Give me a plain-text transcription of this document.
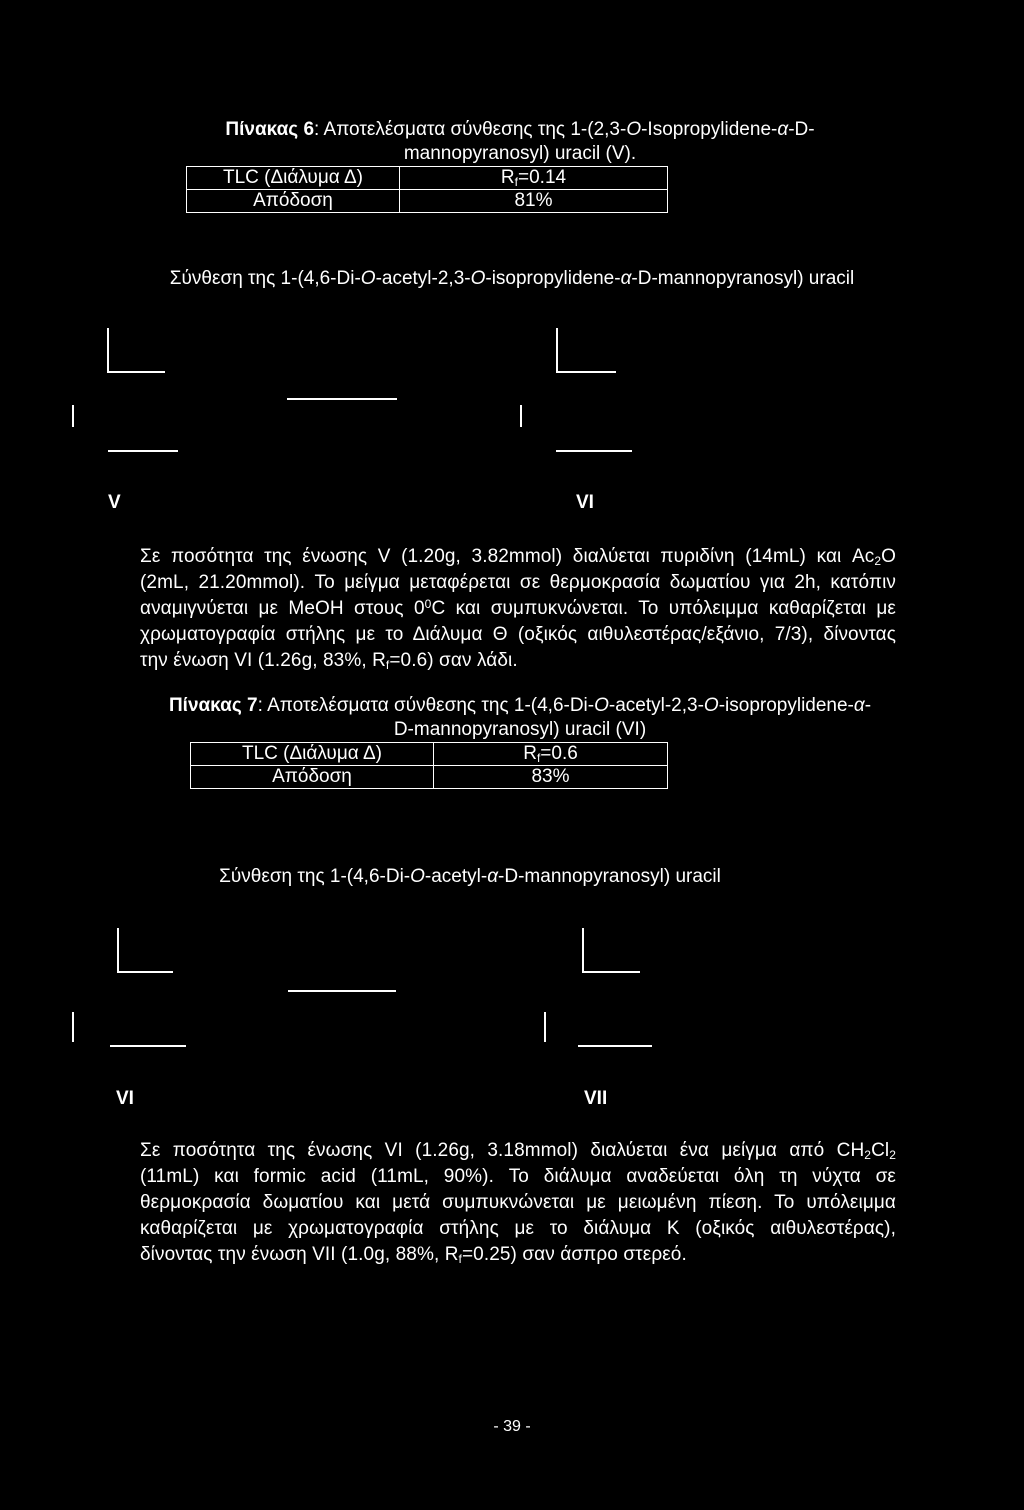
Πίνακας 6: Αποτελέσματα σύνθεσης της 1-(2,3-O-Isopropylidene-α-D-
mannopyranosyl) uracil (V).
TLC (Διάλυμα Δ)	$R_f=0.14$
Απόδοση	81%
Σύνθεση της 1-(4,6-Di-O-acetyl-2,3-O-isopropylidene-α-D-mannopyranosyl) uracil
V	VI
Σε ποσότητα της ένωσης V (1.20g, 3.82mmol) διαλύεται πυριδίνη (14mL) και $Ac_2O$
(2mL, 21.20mmol). Το μείγμα μεταφέρεται σε θερμοκρασία δωματίου για 2h, κατόπιν
αναμιγνύεται με MeOH στους $0^0C$ και συμπυκνώνεται. Το υπόλειμμα καθαρίζεται με
χρωματογραφία στήλης με το Διάλυμα Θ (οξικός αιθυλεστέρας/εξάνιο, 7/3), δίνοντας
την ένωση VI (1.26g, 83%, $R_f=0.6$) σαν λάδι.
Πίνακας 7: Αποτελέσματα σύνθεσης της 1-(4,6-Di-O-acetyl-2,3-O-isopropylidene-α-
D-mannopyranosyl) uracil (VI)
TLC (Διάλυμα Δ)	$R_f=0.6$
Απόδοση	83%
Σύνθεση της 1-(4,6-Di-O-acetyl-α-D-mannopyranosyl) uracil
VI	VII
Σε ποσότητα της ένωσης VI (1.26g, 3.18mmol) διαλύεται ένα μείγμα από $CH_2Cl_2$
(11mL) και formic acid (11mL, 90%). Το διάλυμα αναδεύεται όλη τη νύχτα σε
θερμοκρασία δωματίου και μετά συμπυκνώνεται με μειωμένη πίεση. Το υπόλειμμα
καθαρίζεται με χρωματογραφία στήλης με το διάλυμα Κ (οξικός αιθυλεστέρας),
δίνοντας την ένωση VII (1.0g, 88%, $R_f=0.25$) σαν άσπρο στερεό.
- 39 -
